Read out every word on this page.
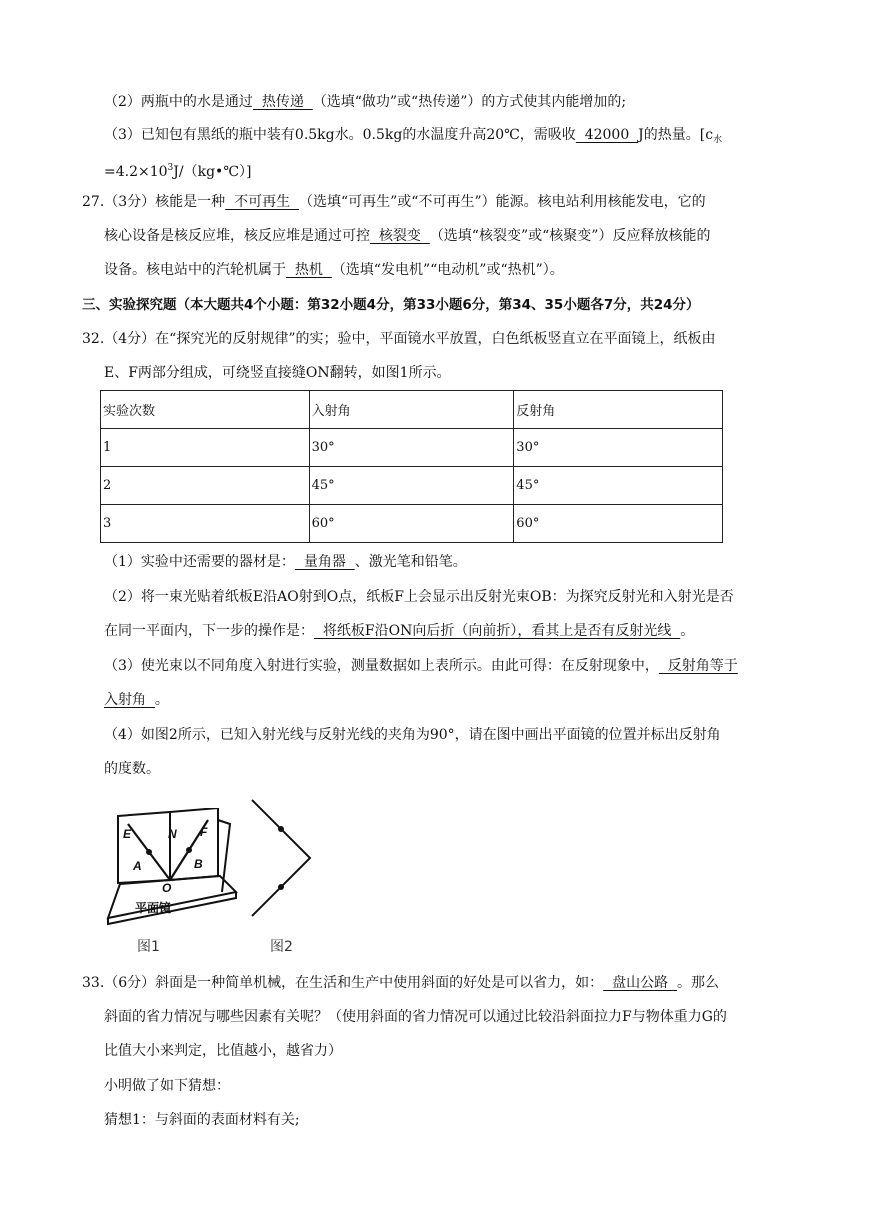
（2）两瓶中的水是通过  热传递  （选填“做功”或“热传递”）的方式使其内能增加的;
（3）已知包有黑纸的瓶中装有0.5kg水。0.5kg的水温度升高20℃，需吸收  42000  J的热量。[$c_水$
$=4.2\times 10^3J/(kg•℃)$]
27.（3分）核能是一种  不可再生  （选填“可再生”或“不可再生”）能源。核电站利用核能发电，它的
核心设备是核反应堆，核反应堆是通过可控  核裂变  （选填“核裂变”或“核聚变”）反应释放核能的
设备。核电站中的汽轮机属于  热机  （选填“发电机”“电动机”或“热机”）。
三、实验探究题（本大题共4个小题：第32小题4分，第33小题6分，第34、35小题各7分，共24分）
32.（4分）在“探究光的反射规律”的实；验中，平面镜水平放置，白色纸板竖直立在平面镜上，纸板由
E、F两部分组成，可绕竖直接缝ON翻转，如图1所示。
实验次数	入射角	反射角
1	30°	30°
2	45°	45°
3	60°	60°
（1）实验中还需要的器材是：  量角器  、激光笔和铅笔。
（2）将一束光贴着纸板E沿AO射到O点，纸板F上会显示出反射光束OB：为探究反射光和入射光是否
在同一平面内，下一步的操作是：  将纸板F沿ON向后折（向前折），看其上是否有反射光线  。
（3）使光束以不同角度入射进行实验，测量数据如上表所示。由此可得：在反射现象中，  反射角等于
入射角  。
（4）如图2所示，已知入射光线与反射光线的夹角为90°，请在图中画出平面镜的位置并标出反射角
的度数。
E	N F
A	B
O
平面镜
图1	图2
33.（6分）斜面是一种简单机械，在生活和生产中使用斜面的好处是可以省力，如：  盘山公路  。那么
斜面的省力情况与哪些因素有关呢？（使用斜面的省力情况可以通过比较沿斜面拉力F与物体重力G的
比值大小来判定，比值越小，越省力）
小明做了如下猜想：
猜想1：与斜面的表面材料有关;
